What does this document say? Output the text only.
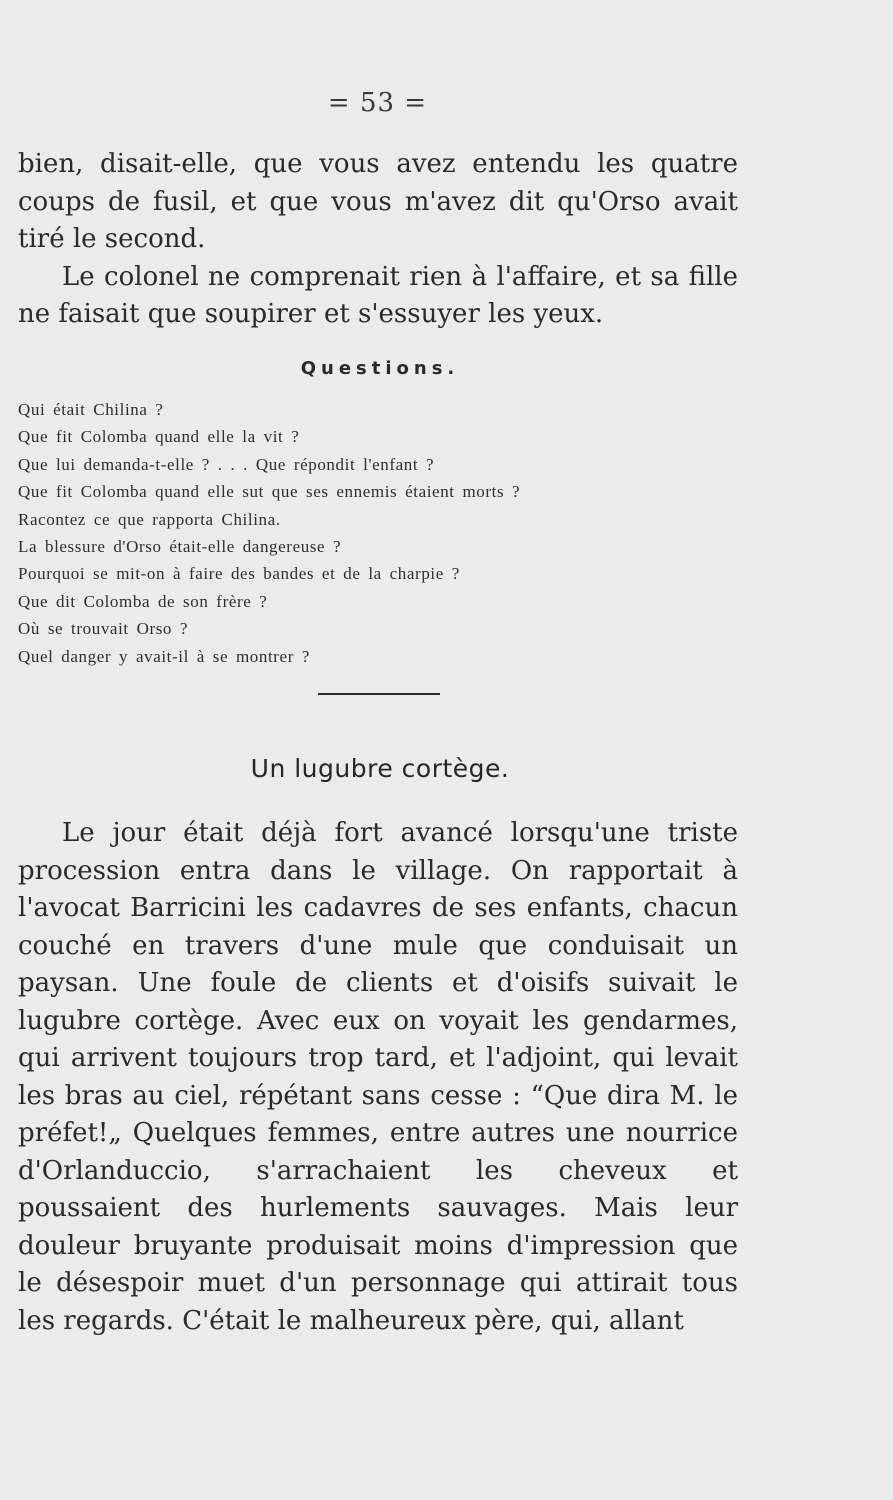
= 53 =

bien, disait-elle, que vous avez entendu les quatre coups de fusil, et que vous m'avez dit qu'Orso avait tiré le second.

Le colonel ne comprenait rien à l'affaire, et sa fille ne faisait que soupirer et s'essuyer les yeux.

Questions.
Qui était Chilina ?
Que fit Colomba quand elle la vit ?
Que lui demanda-t-elle ? . . . Que répondit l'enfant ?
Que fit Colomba quand elle sut que ses ennemis étaient morts ?
Racontez ce que rapporta Chilina.
La blessure d'Orso était-elle dangereuse ?
Pourquoi se mit-on à faire des bandes et de la charpie ?
Que dit Colomba de son frère ?
Où se trouvait Orso ?
Quel danger y avait-il à se montrer ?
Un lugubre cortège.

Le jour était déjà fort avancé lorsqu'une triste procession entra dans le village. On rapportait à l'avocat Barricini les cadavres de ses enfants, chacun couché en travers d'une mule que conduisait un paysan. Une foule de clients et d'oisifs suivait le lugubre cortège. Avec eux on voyait les gendarmes, qui arrivent toujours trop tard, et l'adjoint, qui levait les bras au ciel, répétant sans cesse : “Que dira M. le préfet!„ Quelques femmes, entre autres une nourrice d'Orlanduccio, s'arrachaient les cheveux et poussaient des hurlements sauvages. Mais leur douleur bruyante produisait moins d'impression que le désespoir muet d'un personnage qui attirait tous les regards. C'était le malheureux père, qui, allant
